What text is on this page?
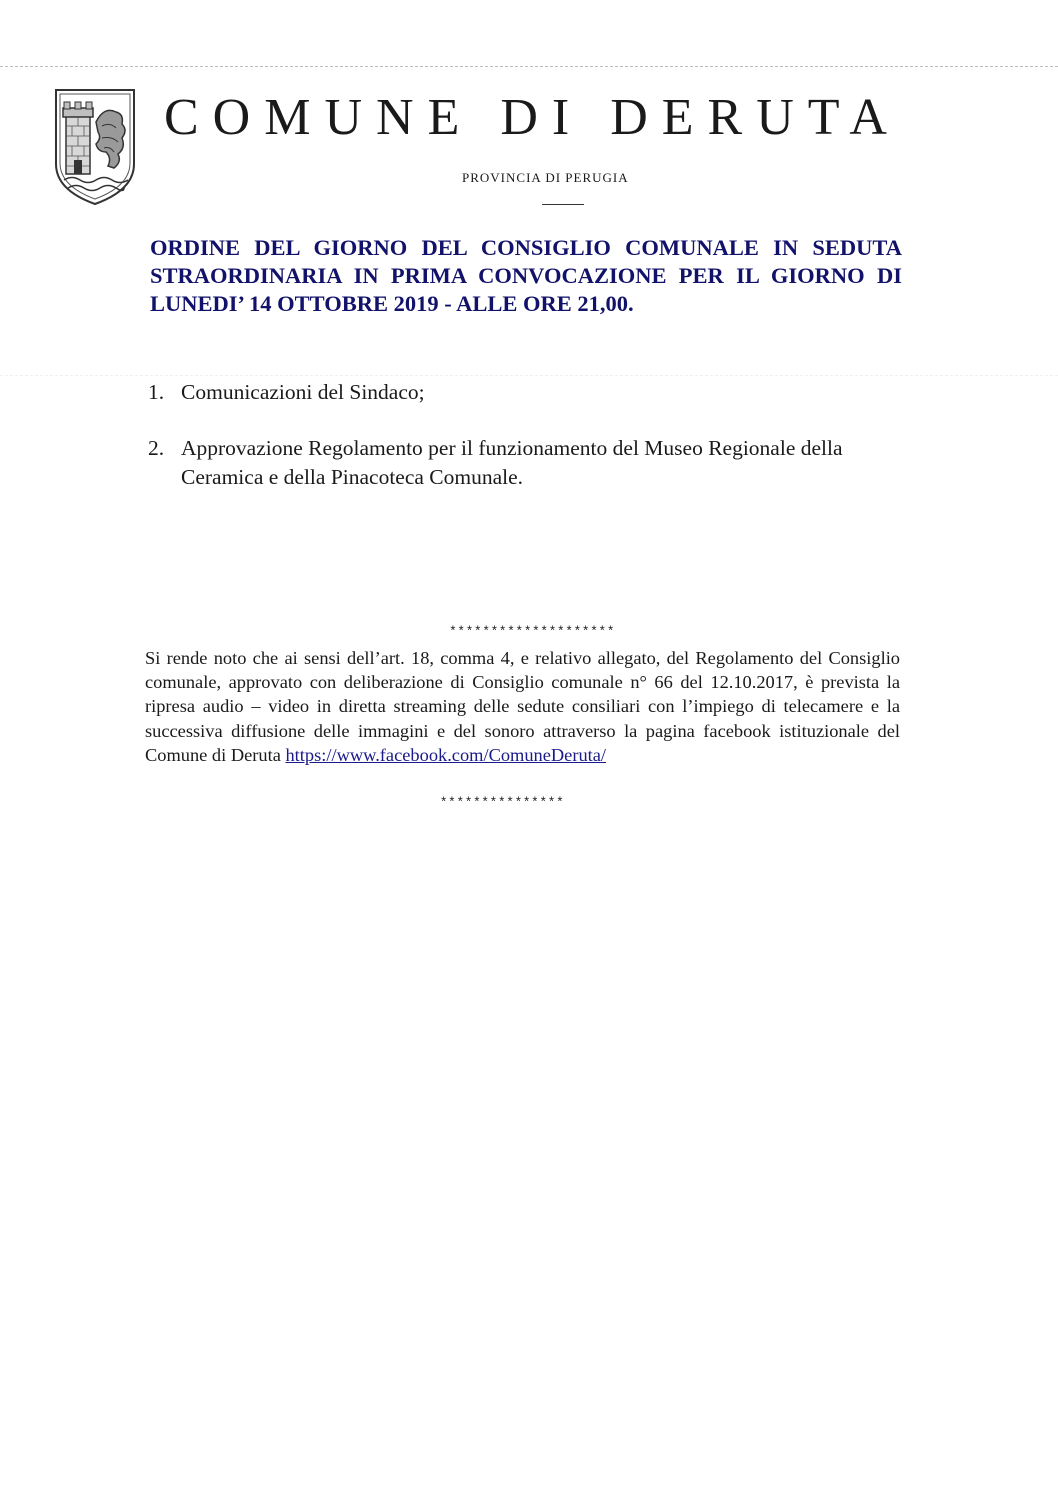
COMUNE DI DERUTA
PROVINCIA DI PERUGIA
ORDINE DEL GIORNO DEL CONSIGLIO COMUNALE IN SEDUTA STRAORDINARIA IN PRIMA CONVOCAZIONE PER IL GIORNO DI LUNEDI’ 14 OTTOBRE 2019 - ALLE ORE 21,00.
1. Comunicazioni del Sindaco;
2. Approvazione Regolamento per il funzionamento del Museo Regionale della Ceramica e della Pinacoteca Comunale.
********************
Si rende noto che ai sensi dell’art. 18, comma 4, e relativo allegato, del Regolamento del Consiglio comunale, approvato con deliberazione di Consiglio comunale n° 66 del 12.10.2017, è prevista la ripresa audio – video in diretta streaming delle sedute consiliari con l’impiego di telecamere e la successiva diffusione delle immagini e del sonoro attraverso la pagina facebook istituzionale del Comune di Deruta https://www.facebook.com/ComuneDeruta/
***************
